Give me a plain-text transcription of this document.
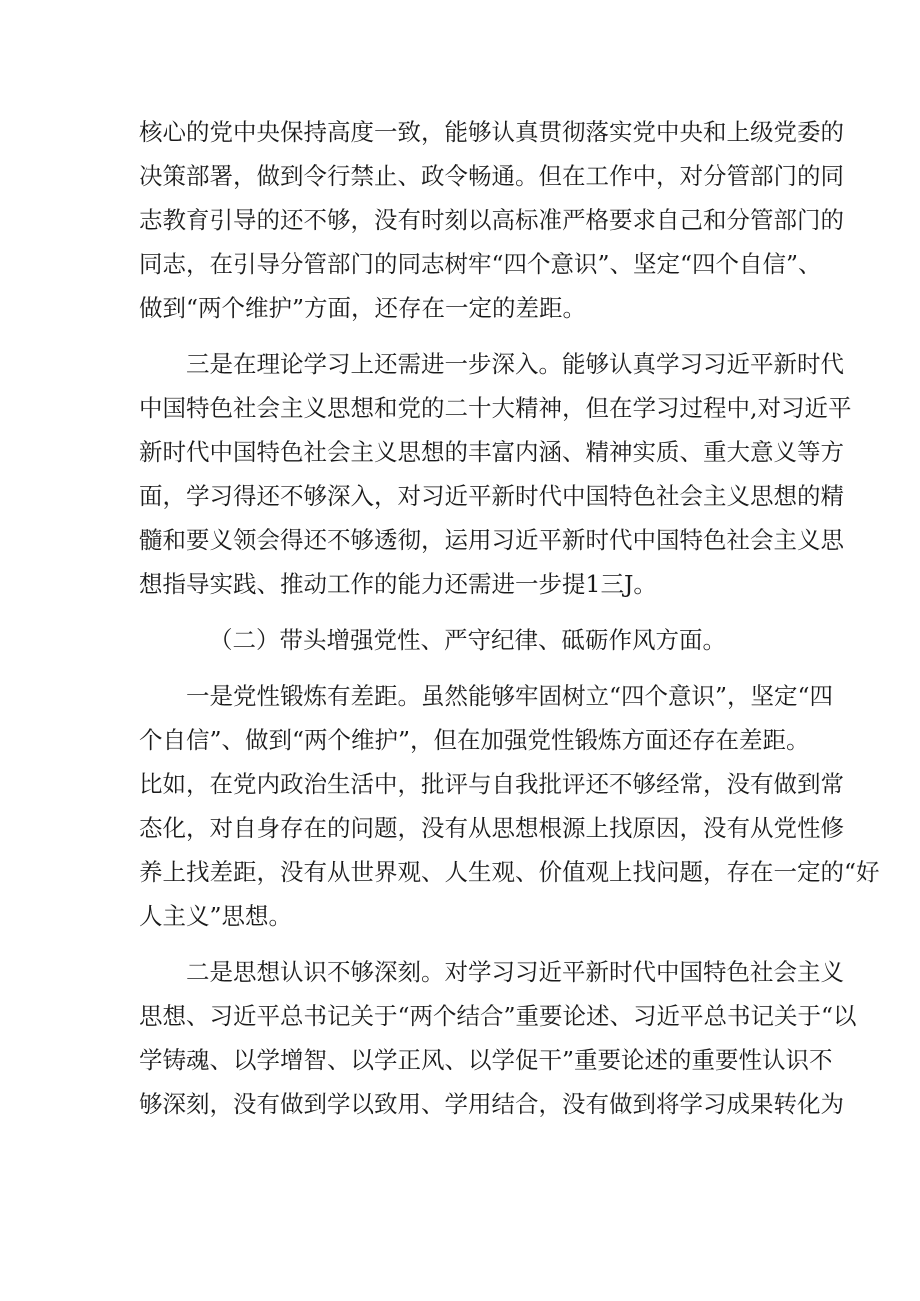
核心的党中央保持高度一致，能够认真贯彻落实党中央和上级党委的
决策部署，做到令行禁止、政令畅通。但在工作中，对分管部门的同
志教育引导的还不够，没有时刻以高标准严格要求自己和分管部门的
同志，在引导分管部门的同志树牢“四个意识”、坚定“四个自信”、
做到“两个维护”方面，还存在一定的差距。
三是在理论学习上还需进一步深入。能够认真学习习近平新时代
中国特色社会主义思想和党的二十大精神，但在学习过程中,对习近平
新时代中国特色社会主义思想的丰富内涵、精神实质、重大意义等方
面，学习得还不够深入，对习近平新时代中国特色社会主义思想的精
髓和要义领会得还不够透彻，运用习近平新时代中国特色社会主义思
想指导实践、推动工作的能力还需进一步提1三J。
（二）带头增强党性、严守纪律、砥砺作风方面。
一是党性锻炼有差距。虽然能够牢固树立“四个意识”，坚定“四
个自信”、做到“两个维护”，但在加强党性锻炼方面还存在差距。
比如，在党内政治生活中，批评与自我批评还不够经常，没有做到常
态化，对自身存在的问题，没有从思想根源上找原因，没有从党性修
养上找差距，没有从世界观、人生观、价值观上找问题，存在一定的“好
人主义”思想。
二是思想认识不够深刻。对学习习近平新时代中国特色社会主义
思想、习近平总书记关于“两个结合”重要论述、习近平总书记关于“以
学铸魂、以学增智、以学正风、以学促干”重要论述的重要性认识不
够深刻，没有做到学以致用、学用结合，没有做到将学习成果转化为
